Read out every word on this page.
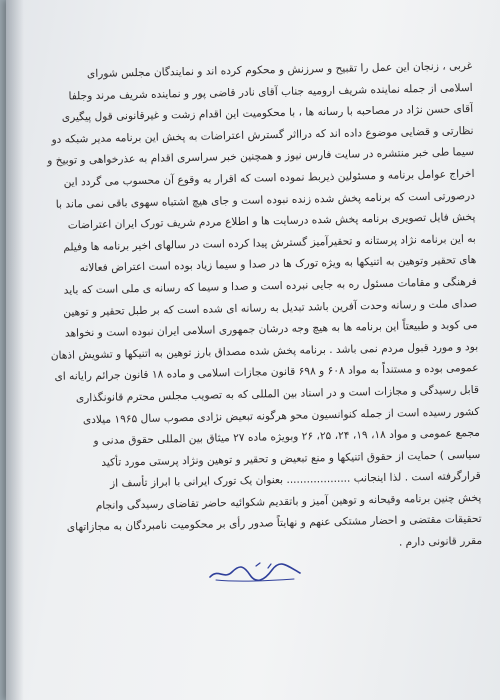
غربی ، زنجان این عمل را تقبیح و سرزنش و محکوم کرده اند و نمایندگان مجلس شورای
اسلامی از جمله نماینده شریف ارومیه جناب آقای نادر قاضی پور و نماینده شریف مرند وجلفا
آقای حسن نژاد در مصاحبه با رسانه ها ، با محکومیت این اقدام زشت و غیرقانونی قول پیگیری
نظارتی و قضایی موضوع داده اند که درااثر گسترش اعتراضات به پخش این برنامه مدیر شبکه دو
سیما طی خبر منتشره در سایت فارس نیوز و همچنین خبر سراسری اقدام به عذرخواهی و توبیخ و
اخراج عوامل برنامه و مسئولین ذیربط نموده است که اقرار به وقوع آن محسوب می گردد این
درصورتی است که برنامه پخش شده زنده نبوده است و جای هیچ اشتباه سهوی باقی نمی ماند با
پخش فایل تصویری برنامه پخش شده درسایت ها و اطلاع مردم شریف تورک ایران اعتراضات
به این برنامه نژاد پرستانه و تحقیرآمیز گسترش پیدا کرده است در سالهای اخیر برنامه ها وفیلم
های تحقیر وتوهین به اتنیکها به ویژه تورک ها در صدا و سیما زیاد بوده است اعتراض فعالانه
فرهنگی و مقامات مسئول ره به جایی نبرده است و صدا و سیما که رسانه ی ملی است که باید
صدای ملت و رسانه وحدت آفرین باشد تبدیل به رسانه ای شده است که بر طبل تحقیر و توهین
می کوبد و طبیعتاً این برنامه ها به هیچ وجه درشان جمهوری اسلامی ایران نبوده است و نخواهد
بود و مورد قبول مردم نمی باشد . برنامه پخش شده مصداق بارز توهین به اتنیکها و تشویش اذهان
عمومی بوده و مستنداً به مواد ۶۰۸ و ۶۹۸ قانون مجازات اسلامی و ماده ۱۸ قانون جرائم رایانه ای
قابل رسیدگی و مجازات است و در اسناد بین المللی که به تصویب مجلس محترم قانونگذاری
کشور رسیده است از جمله کنوانسیون محو هرگونه تبعیض نژادی مصوب سال ۱۹۶۵ میلادی
مجمع عمومی و مواد ۱۸، ۱۹، ۲۴، ۲۵، ۲۶ وبویژه ماده ۲۷ میثاق بین المللی حقوق مدنی و
سیاسی ) حمایت از حقوق اتنیکها و منع تبعیض و تحقیر و توهین ونژاد پرستی مورد تأکید
قرارگرفته است . لذا اینجانب ................... بعنوان یک تورک ایرانی با ابراز تأسف از
پخش چنین برنامه وقیحانه و توهین آمیز و باتقدیم شکوائیه حاضر تقاضای رسیدگی وانجام
تحقیقات مقتضی و احضار مشتکی عنهم و نهایتاً صدور رأی بر محکومیت نامبردگان به مجازاتهای
مقرر قانونی دارم .
